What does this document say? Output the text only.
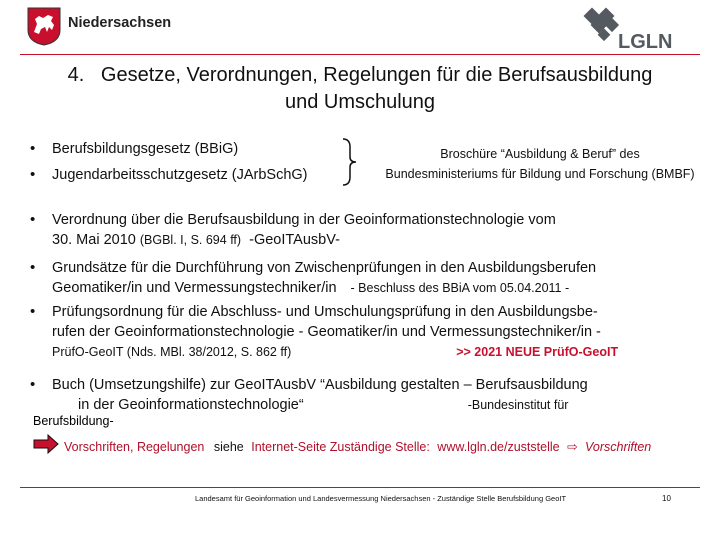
Niedersachsen
LGLN
4.   Gesetze, Verordnungen, Regelungen für die Berufsausbildung
und Umschulung
• Berufsbildungsgesetz (BBiG)
• Jugendarbeitsschutzgesetz (JArbSchG)
Broschüre “Ausbildung & Beruf” des
Bundesministeriums für Bildung und Forschung (BMBF)
• Verordnung über die Berufsausbildung in der Geoinformationstechnologie vom
30. Mai 2010 (BGBl. I, S. 694 ff)  -GeoITAusbV-
• Grundsätze für die Durchführung von Zwischenprüfungen in den Ausbildungsberufen
Geomatiker/in und Vermessungstechniker/in - Beschluss des BBiA vom 05.04.2011 -
• Prüfungsordnung für die Abschluss- und Umschulungsprüfung in den Ausbildungsbe-
rufen der Geoinformationstechnologie - Geomatiker/in und Vermessungstechniker/in -
PrüfO-GeoIT (Nds. MBl. 38/2012, S. 862 ff)	>> 2021 NEUE PrüfO-GeoIT
• Buch (Umsetzungshilfe) zur GeoITAusbV “Ausbildung gestalten – Berufsausbildung
in der Geoinformationstechnologie“	-Bundesinstitut für
Berufsbildung-
Vorschriften, Regelungen siehe Internet-Seite Zuständige Stelle: www.lgln.de/zuststelle ⇨ Vorschriften
Landesamt für Geoinformation und Landesvermessung Niedersachsen - Zuständige Stelle Berufsbildung GeoIT	10
